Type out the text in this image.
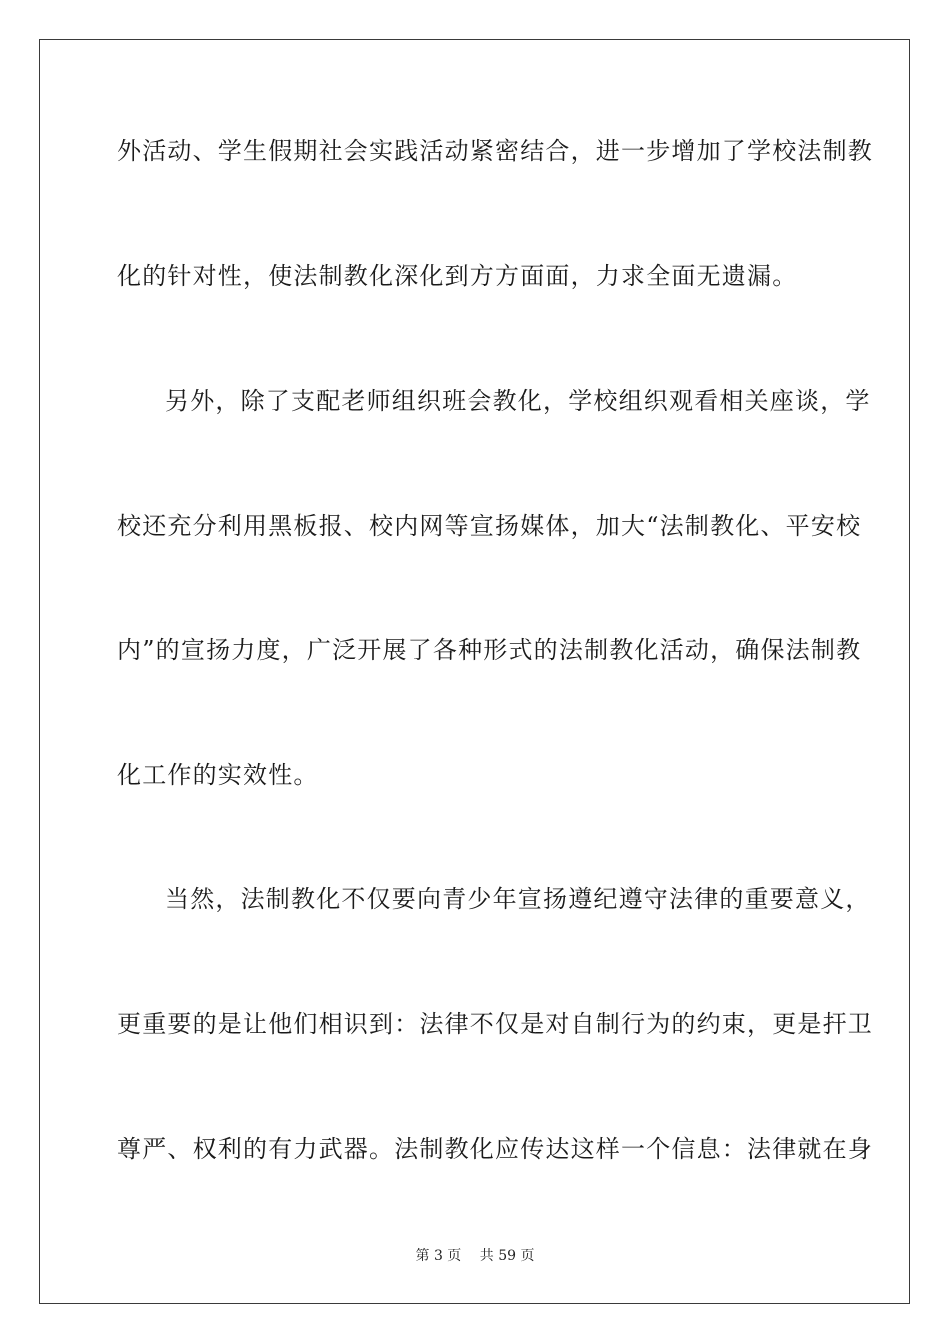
外活动、学生假期社会实践活动紧密结合，进一步增加了学校法制教
化的针对性，使法制教化深化到方方面面，力求全面无遗漏。
另外，除了支配老师组织班会教化，学校组织观看相关座谈，学
校还充分利用黑板报、校内网等宣扬媒体，加大“法制教化、平安校
内”的宣扬力度，广泛开展了各种形式的法制教化活动，确保法制教
化工作的实效性。
当然，法制教化不仅要向青少年宣扬遵纪遵守法律的重要意义，
更重要的是让他们相识到：法律不仅是对自制行为的约束，更是扞卫
尊严、权利的有力武器。法制教化应传达这样一个信息：法律就在身
第 3 页 共 59 页
